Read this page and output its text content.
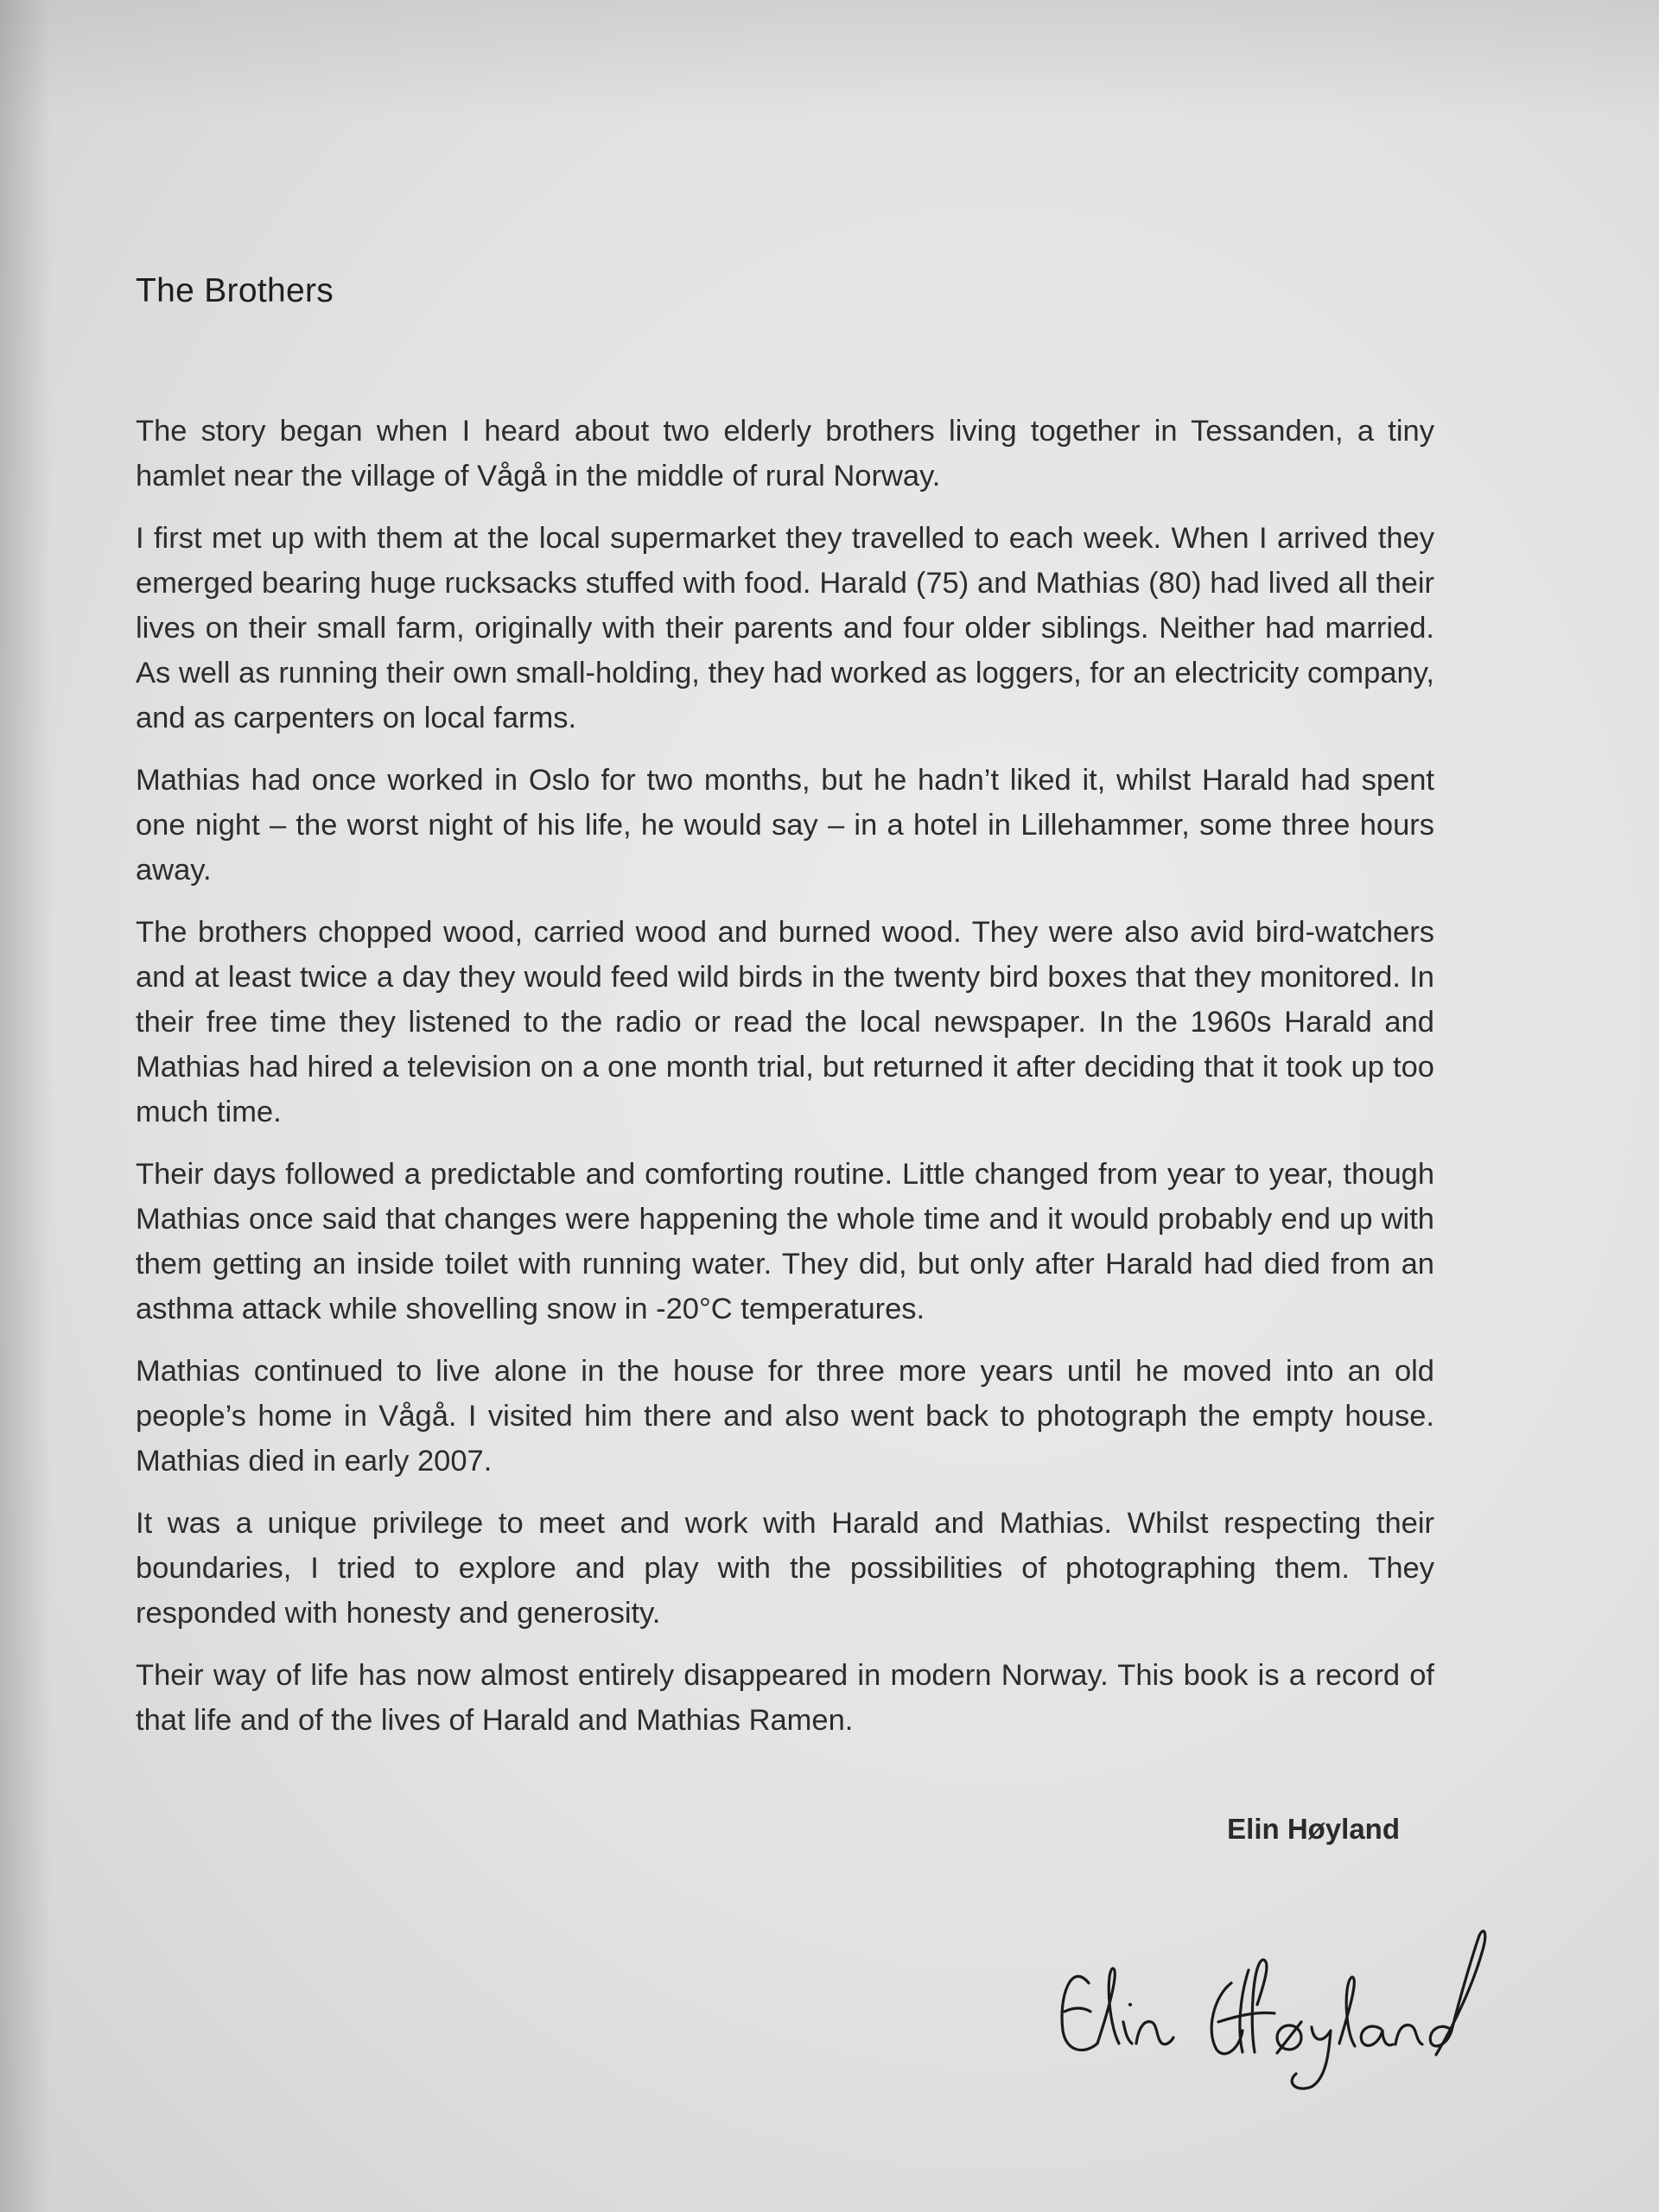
The Brothers

The story began when I heard about two elderly brothers living together in Tessanden, a tiny hamlet near the village of Vågå in the middle of rural Norway.

I first met up with them at the local supermarket they travelled to each week. When I arrived they emerged bearing huge rucksacks stuffed with food. Harald (75) and Mathias (80) had lived all their lives on their small farm, originally with their parents and four older siblings. Neither had married. As well as running their own small-holding, they had worked as loggers, for an electricity company, and as carpenters on local farms.

Mathias had once worked in Oslo for two months, but he hadn’t liked it, whilst Harald had spent one night – the worst night of his life, he would say – in a hotel in Lillehammer, some three hours away.

The brothers chopped wood, carried wood and burned wood. They were also avid bird-watchers and at least twice a day they would feed wild birds in the twenty bird boxes that they monitored. In their free time they listened to the radio or read the local newspaper. In the 1960s Harald and Mathias had hired a television on a one month trial, but returned it after deciding that it took up too much time.

Their days followed a predictable and comforting routine. Little changed from year to year, though Mathias once said that changes were happening the whole time and it would probably end up with them getting an inside toilet with running water. They did, but only after Harald had died from an asthma attack while shovelling snow in -20°C temperatures.

Mathias continued to live alone in the house for three more years until he moved into an old people’s home in Vågå. I visited him there and also went back to photograph the empty house. Mathias died in early 2007.

It was a unique privilege to meet and work with Harald and Mathias. Whilst respecting their boundaries, I tried to explore and play with the possibilities of photographing them. They responded with honesty and generosity.

Their way of life has now almost entirely disappeared in modern Norway. This book is a record of that life and of the lives of Harald and Mathias Ramen.

Elin Høyland
